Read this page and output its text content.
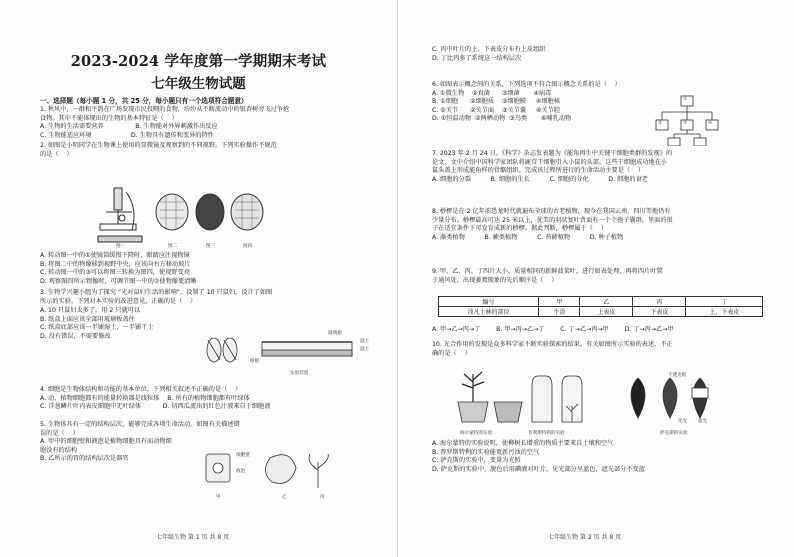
2023-2024 学年度第一学期期末考试
七年级生物试题
一、选择题（每小题 1 分，共 25 分，每小题只有一个选项符合题意）
1. 秋风中，一群和平鸽在广场发现市民投喂的食物，纷纷从不断流动中的银杏树旁飞过争抢
食物。其中不能体现出的生物的基本特征是（    ）
A. 生物的生活需要营养                B. 生物能对外界刺激作出反应
C. 生物能适应环境                    D. 生物具有遗传和变异的特性
2. 如图是小明同学在生物课上使用的显微镜及观察到的不同视野。下列实验操作不规范
的是（    ）
图一	图二	图三	图四
A. 转动图一中的①使镜筒缓慢下降时，眼睛应注视物镜
B. 将图二中的物像移到视野中央，应该向右方移动玻片
C. 转动图一中的③可以将图三转换为图四，使视野变亮
D. 观察图四所示物像时，可调节图一中的⑦使物像更清晰
3. 生物学兴趣小组为了探究 “光对鼠妇生活的影响”，设置了 10 只鼠妇，设计了如图
所示的实验。下列对本实验的改进意见，正确的是（    ）
A. 10 只鼠妇太多了，用 2 只就可以
B. 纸盒上面应该全部用玻璃板盖住
C. 纸盒底部应该一半铺湿土，一半铺干土
D. 没有错误，不需要修改	玻璃板
湿土
纸板
实验装置
湿土
4. 细胞是生物体结构和功能的基本单位，下列相关叙述不正确的是（    ）
A. 动、植物细胞都有的能量转换器是线粒体    B. 所有的植物细胞都有叶绿体
C. 洋葱鳞片叶内表皮细胞中无叶绿体           D. 切西瓜流出的红色汁液来自于细胞液
5. 生物体具有一定的结构层次，能够完成各项生命活动。如图有关描述错误的是（    ）
A. 甲中的细胞壁和液泡是植物细胞具有而动物细
胞没有的结构
B. 乙所示的胃的结构层次是器官	细胞壁
液泡
甲	乙	丙
七年级生物 第 1 页 共 8 页
C. 丙中叶片的上、下表皮分布有上皮组织
D. 丁比丙多了系统这一结构层次
6. 如图表示概念间的关系，下列选项不符合图示概念关系的是（    ）
A. ①微生物    ②真菌      ③细菌       ④病毒
B. ①细胞      ②细胞质    ③细胞膜     ④细胞核
C. ①关节      ②关节面    ③关节囊     ④关节腔
D. ①恒温动物  ②两栖动物  ③鸟类       ④哺乳动物
①
②	③	④
7. 2023 年 2 月 24 日，《科学》杂志发表题为《能角再生中关键干细胞类群的发现》的
论文，文中介绍中国科学家团队将鹿茸干细胞引入小鼠的头部，这些干细胞成功地在小
鼠头盖上形成能角样的骨骼组织。完成该过程所进行的生命活动主要是（    ）
A. 细胞的分裂          B. 细胞的生长          C. 细胞的分化          D. 细胞的衰老
8. 桫椤是在 2 亿年前恐龙时代就遍布全球的古老植物，现今在我国云南、四川等地仍有
少量分布。桫椤最高可达 25 米以上，优美的羽状复叶背面有一个个孢子囊群，里面的很
子在适宜条件下可发育成新的桫椤。据此判断，桫椤属于（    ）
A. 藻类植物          B. 蕨类植物          C. 苔藓植物          D. 种子植物
9. 甲、乙、丙、丁四片大小、质量相同的新鲜菠菜叶，进行如表处理，再将四片叶置
于通风处，出现萎蔫现象的先后顺序是（    ）
编号	甲	乙	丙	丁
涂凡士林的部位	不涂	上表皮	下表皮	上、下表皮
A. 甲→乙→丙→丁        B. 甲→丙→乙→丁        C. 丁→乙→丙→甲        D. 丁→丙→乙→甲
10. 光合作用的发现是众多科学家不断实验探索的结果。有关如图所示实验的表述，不正
确的是（    ）
海尔蒙特的实验	普利斯特利的实验	萨克斯的实验
不透光纸
见光 遮光
A. 海尔蒙特的实验说明，使柳树长增重的物质主要来自土壤和空气
B. 普罗斯特利的实验能更新污浊的空气
C. 萨克斯的实验中，变量为光照
D. 萨克斯的实验中，脱色后用碘液对叶片，见光部分呈蓝色，遮光部分不变蓝
七年级生物 第 2 页 共 8 页
